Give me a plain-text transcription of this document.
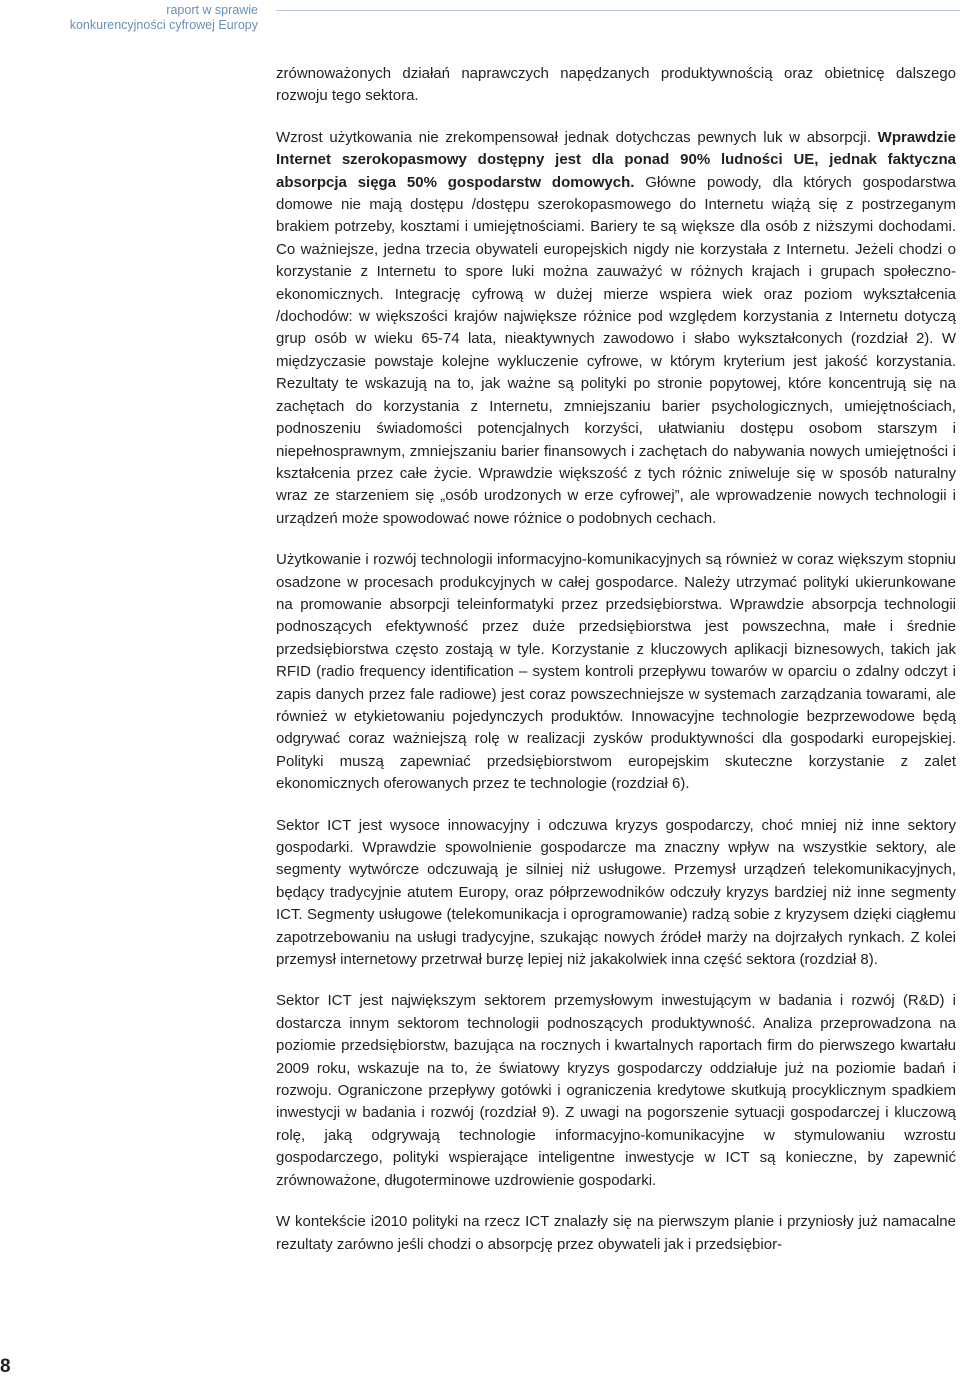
raport w sprawie
konkurencyjności cyfrowej Europy

zrównoważonych działań naprawczych napędzanych produktywnością oraz obietnicę dalszego rozwoju tego sektora.

Wzrost użytkowania nie zrekompensował jednak dotychczas pewnych luk w absorpcji. Wprawdzie Internet szerokopasmowy dostępny jest dla ponad 90% ludności UE, jednak faktyczna absorpcja sięga 50% gospodarstw domowych. Główne powody, dla których gospodarstwa domowe nie mają dostępu /dostępu szerokopasmowego do Internetu wiążą się z postrzeganym brakiem potrzeby, kosztami i umiejętnościami. Bariery te są większe dla osób z niższymi dochodami. Co ważniejsze, jedna trzecia obywateli europejskich nigdy nie korzystała z Internetu. Jeżeli chodzi o korzystanie z Internetu to spore luki można zauważyć w różnych krajach i grupach społeczno-ekonomicznych. Integrację cyfrową w dużej mierze wspiera wiek oraz poziom wykształcenia /dochodów: w większości krajów największe różnice pod względem korzystania z Internetu dotyczą grup osób w wieku 65-74 lata, nieaktywnych zawodowo i słabo wykształconych (rozdział 2). W międzyczasie powstaje kolejne wykluczenie cyfrowe, w którym kryterium jest jakość korzystania. Rezultaty te wskazują na to, jak ważne są polityki po stronie popytowej, które koncentrują się na zachętach do korzystania z Internetu, zmniejszaniu barier psychologicznych, umiejętnościach, podnoszeniu świadomości potencjalnych korzyści, ułatwianiu dostępu osobom starszym i niepełnosprawnym, zmniejszaniu barier finansowych i zachętach do nabywania nowych umiejętności i kształcenia przez całe życie. Wprawdzie większość z tych różnic zniweluje się w sposób naturalny wraz ze starzeniem się „osób urodzonych w erze cyfrowej”, ale wprowadzenie nowych technologii i urządzeń może spowodować nowe różnice o podobnych cechach.

Użytkowanie i rozwój technologii informacyjno-komunikacyjnych są również w coraz większym stopniu osadzone w procesach produkcyjnych w całej gospodarce. Należy utrzymać polityki ukierunkowane na promowanie absorpcji teleinformatyki przez przedsiębiorstwa. Wprawdzie absorpcja technologii podnoszących efektywność przez duże przedsiębiorstwa jest powszechna, małe i średnie przedsiębiorstwa często zostają w tyle. Korzystanie z kluczowych aplikacji biznesowych, takich jak RFID (radio frequency identification – system kontroli przepływu towarów w oparciu o zdalny odczyt i zapis danych przez fale radiowe) jest coraz powszechniejsze w systemach zarządzania towarami, ale również w etykietowaniu pojedynczych produktów. Innowacyjne technologie bezprzewodowe będą odgrywać coraz ważniejszą rolę w realizacji zysków produktywności dla gospodarki europejskiej. Polityki muszą zapewniać przedsiębiorstwom europejskim skuteczne korzystanie z zalet ekonomicznych oferowanych przez te technologie (rozdział 6).

Sektor ICT jest wysoce innowacyjny i odczuwa kryzys gospodarczy, choć mniej niż inne sektory gospodarki. Wprawdzie spowolnienie gospodarcze ma znaczny wpływ na wszystkie sektory, ale segmenty wytwórcze odczuwają je silniej niż usługowe. Przemysł urządzeń telekomunikacyjnych, będący tradycyjnie atutem Europy, oraz półprzewodników odczuły kryzys bardziej niż inne segmenty ICT. Segmenty usługowe (telekomunikacja i oprogramowanie) radzą sobie z kryzysem dzięki ciągłemu zapotrzebowaniu na usługi tradycyjne, szukając nowych źródeł marży na dojrzałych rynkach. Z kolei przemysł internetowy przetrwał burzę lepiej niż jakakolwiek inna część sektora (rozdział 8).

Sektor ICT jest największym sektorem przemysłowym inwestującym w badania i rozwój (R&D) i dostarcza innym sektorom technologii podnoszących produktywność. Analiza przeprowadzona na poziomie przedsiębiorstw, bazująca na rocznych i kwartalnych raportach firm do pierwszego kwartału 2009 roku, wskazuje na to, że światowy kryzys gospodarczy oddziałuje już na poziomie badań i rozwoju. Ograniczone przepływy gotówki i ograniczenia kredytowe skutkują procyklicznym spadkiem inwestycji w badania i rozwój (rozdział 9). Z uwagi na pogorszenie sytuacji gospodarczej i kluczową rolę, jaką odgrywają technologie informacyjno-komunikacyjne w stymulowaniu wzrostu gospodarczego, polityki wspierające inteligentne inwestycje w ICT są konieczne, by zapewnić zrównoważone, długoterminowe uzdrowienie gospodarki.

W kontekście i2010 polityki na rzecz ICT znalazły się na pierwszym planie i przyniosły już namacalne rezultaty zarówno jeśli chodzi o absorpcję przez obywateli jak i przedsiębior-

8
